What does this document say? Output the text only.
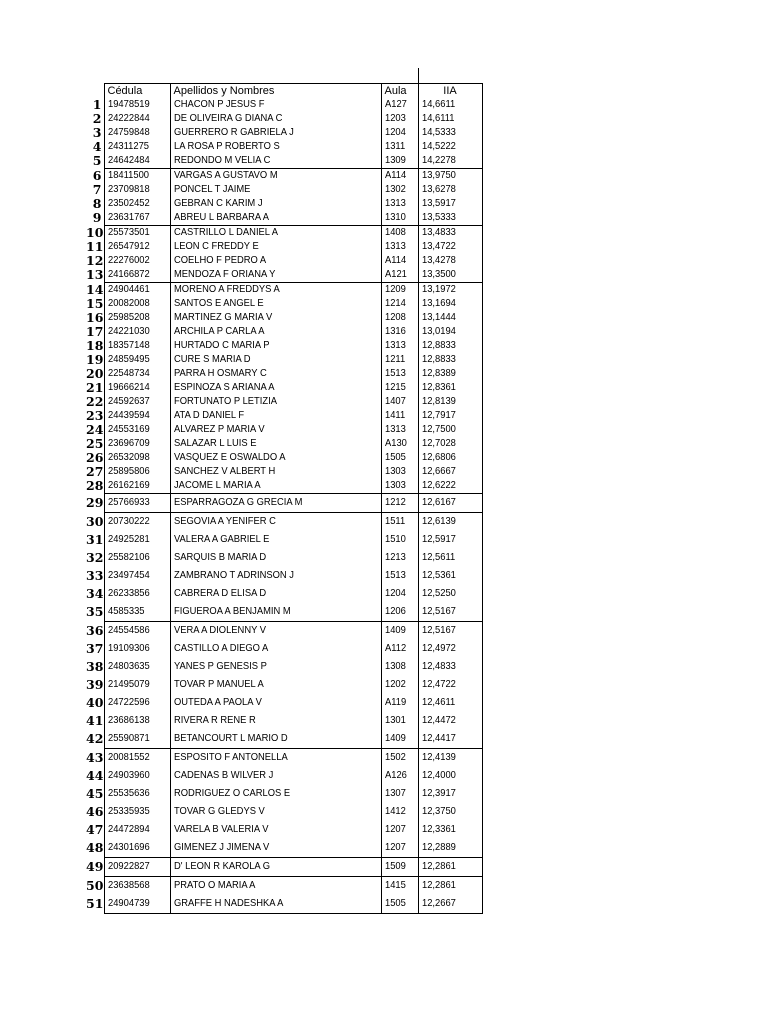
	Cédula	Apellidos y Nombres	Aula	IIA
1	19478519	CHACON P JESUS F	A127	14,6611
2	24222844	DE OLIVEIRA G DIANA C	1203	14,6111
3	24759848	GUERRERO R GABRIELA J	1204	14,5333
4	24311275	LA ROSA P ROBERTO S	1311	14,5222
5	24642484	REDONDO M VELIA C	1309	14,2278
6	18411500	VARGAS A GUSTAVO M	A114	13,9750
7	23709818	PONCEL T JAIME	1302	13,6278
8	23502452	GEBRAN C KARIM J	1313	13,5917
9	23631767	ABREU L BARBARA A	1310	13,5333
10	25573501	CASTRILLO L DANIEL A	1408	13,4833
11	26547912	LEON C FREDDY E	1313	13,4722
12	22276002	COELHO F PEDRO A	A114	13,4278
13	24166872	MENDOZA F ORIANA Y	A121	13,3500
14	24904461	MORENO A FREDDYS A	1209	13,1972
15	20082008	SANTOS E ANGEL E	1214	13,1694
16	25985208	MARTINEZ G MARIA V	1208	13,1444
17	24221030	ARCHILA P CARLA A	1316	13,0194
18	18357148	HURTADO C MARIA P	1313	12,8833
19	24859495	CURE S MARIA D	1211	12,8833
20	22548734	PARRA H OSMARY C	1513	12,8389
21	19666214	ESPINOZA S ARIANA A	1215	12,8361
22	24592637	FORTUNATO P LETIZIA	1407	12,8139
23	24439594	ATA D DANIEL F	1411	12,7917
24	24553169	ALVAREZ P MARIA V	1313	12,7500
25	23696709	SALAZAR L LUIS E	A130	12,7028
26	26532098	VASQUEZ E OSWALDO A	1505	12,6806
27	25895806	SANCHEZ V ALBERT H	1303	12,6667
28	26162169	JACOME L MARIA A	1303	12,6222
29	25766933	ESPARRAGOZA G GRECIA M	1212	12,6167
30	20730222	SEGOVIA A YENIFER C	1511	12,6139
31	24925281	VALERA A GABRIEL E	1510	12,5917
32	25582106	SARQUIS B MARIA D	1213	12,5611
33	23497454	ZAMBRANO T ADRINSON J	1513	12,5361
34	26233856	CABRERA D ELISA D	1204	12,5250
35	4585335	FIGUEROA A BENJAMIN M	1206	12,5167
36	24554586	VERA A DIOLENNY V	1409	12,5167
37	19109306	CASTILLO A DIEGO A	A112	12,4972
38	24803635	YANES P GENESIS P	1308	12,4833
39	21495079	TOVAR P MANUEL A	1202	12,4722
40	24722596	OUTEDA A PAOLA V	A119	12,4611
41	23686138	RIVERA R RENE R	1301	12,4472
42	25590871	BETANCOURT L MARIO D	1409	12,4417
43	20081552	ESPOSITO F ANTONELLA	1502	12,4139
44	24903960	CADENAS B WILVER J	A126	12,4000
45	25535636	RODRIGUEZ O CARLOS E	1307	12,3917
46	25335935	TOVAR G GLEDYS V	1412	12,3750
47	24472894	VARELA B VALERIA V	1207	12,3361
48	24301696	GIMENEZ J JIMENA V	1207	12,2889
49	20922827	D' LEON R KAROLA G	1509	12,2861
50	23638568	PRATO O MARIA A	1415	12,2861
51	24904739	GRAFFE H NADESHKA A	1505	12,2667
